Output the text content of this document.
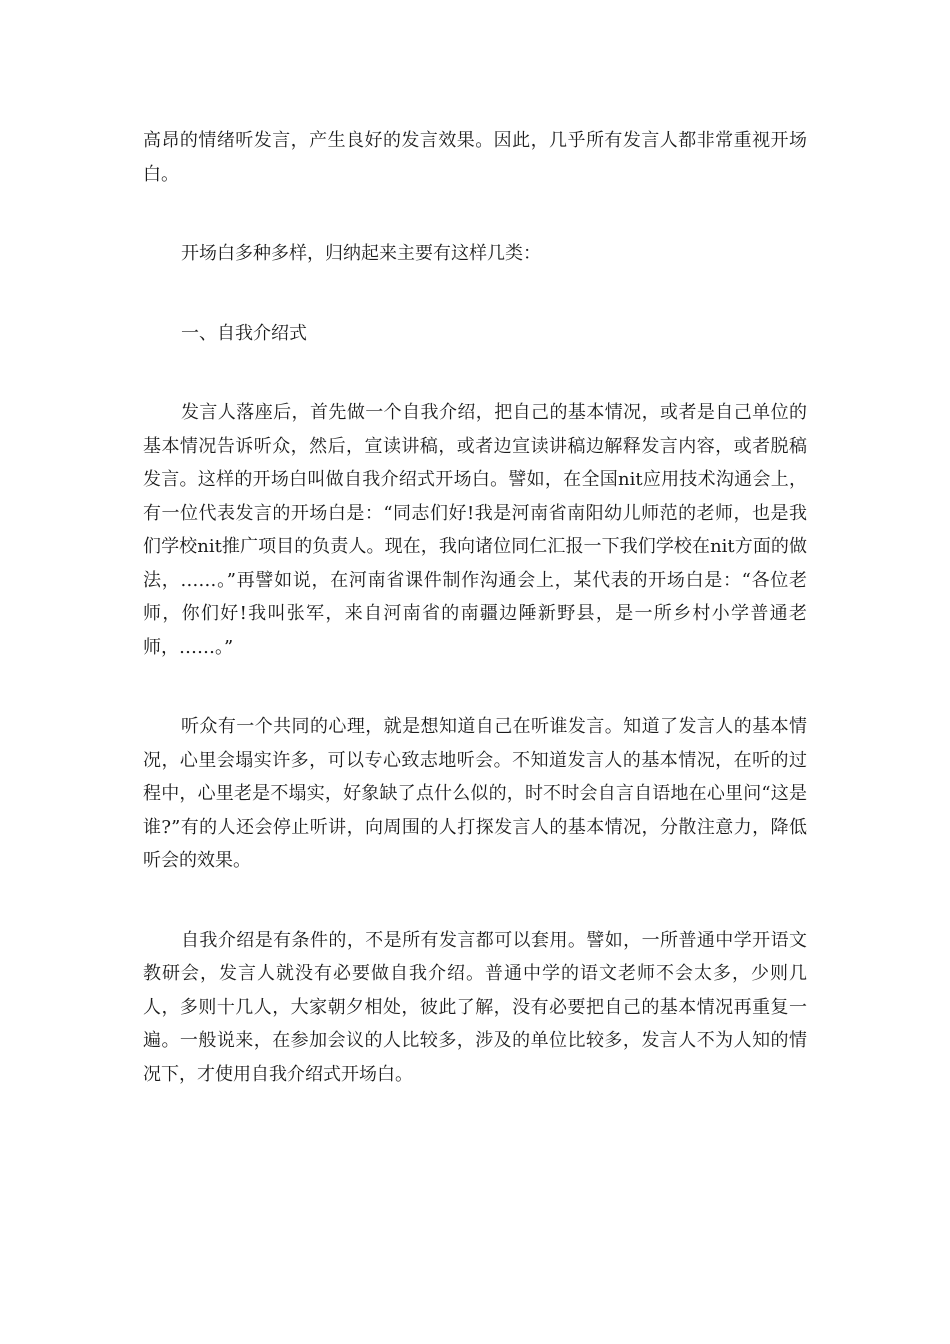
高昂的情绪听发言，产生良好的发言效果。因此，几乎所有发言人都非常重视开场白。

开场白多种多样，归纳起来主要有这样几类：

一、自我介绍式

发言人落座后，首先做一个自我介绍，把自己的基本情况，或者是自己单位的基本情况告诉听众，然后，宣读讲稿，或者边宣读讲稿边解释发言内容，或者脱稿发言。这样的开场白叫做自我介绍式开场白。譬如，在全国nit应用技术沟通会上，有一位代表发言的开场白是：“同志们好!我是河南省南阳幼儿师范的老师，也是我们学校nit推广项目的负责人。现在，我向诸位同仁汇报一下我们学校在nit方面的做法，……。”再譬如说，在河南省课件制作沟通会上，某代表的开场白是：“各位老师，你们好!我叫张军，来自河南省的南疆边陲新野县，是一所乡村小学普通老师，……。”

听众有一个共同的心理，就是想知道自己在听谁发言。知道了发言人的基本情况，心里会塌实许多，可以专心致志地听会。不知道发言人的基本情况，在听的过程中，心里老是不塌实，好象缺了点什么似的，时不时会自言自语地在心里问“这是谁?”有的人还会停止听讲，向周围的人打探发言人的基本情况，分散注意力，降低听会的效果。

自我介绍是有条件的，不是所有发言都可以套用。譬如，一所普通中学开语文教研会，发言人就没有必要做自我介绍。普通中学的语文老师不会太多，少则几人，多则十几人，大家朝夕相处，彼此了解，没有必要把自己的基本情况再重复一遍。一般说来，在参加会议的人比较多，涉及的单位比较多，发言人不为人知的情况下，才使用自我介绍式开场白。
